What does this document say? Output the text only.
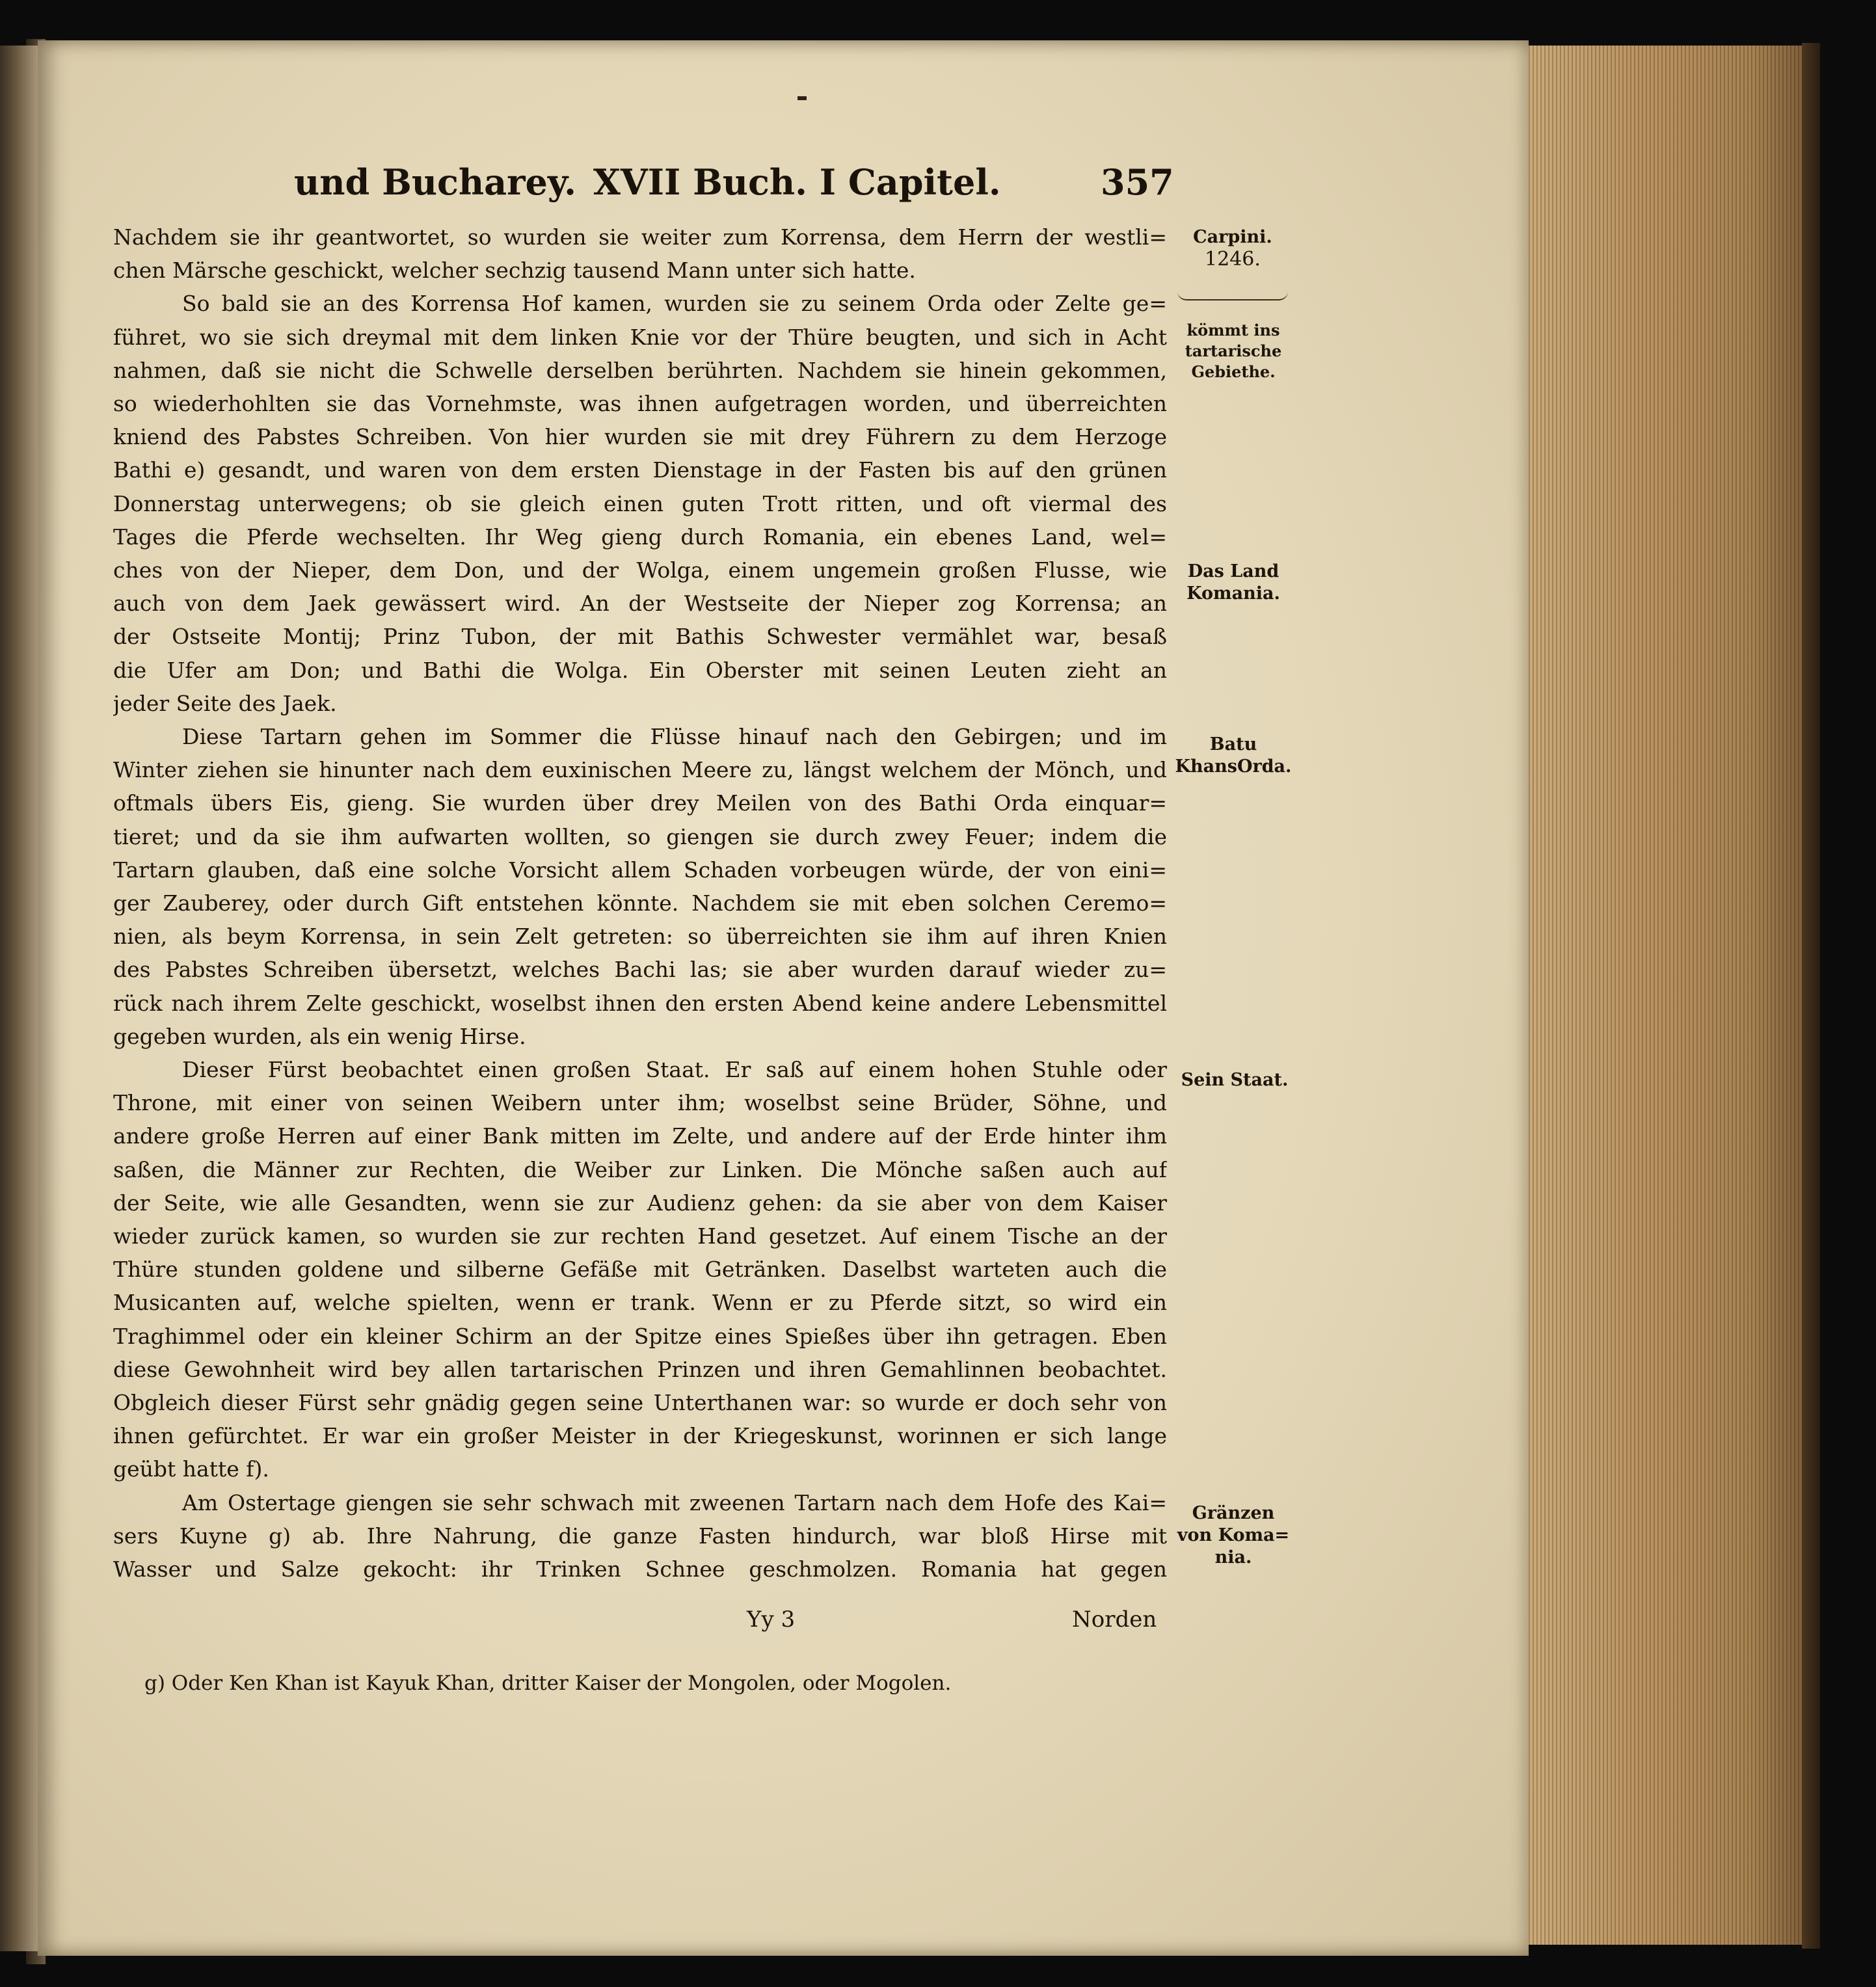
und Bucharey. XVII Buch. I Capitel.	357
Nachdem sie ihr geantwortet, so wurden sie weiter zum Korrensa, dem Herrn der westli=
chen Märsche geschickt, welcher sechzig tausend Mann unter sich hatte.
So bald sie an des Korrensa Hof kamen, wurden sie zu seinem Orda oder Zelte ge=
führet, wo sie sich dreymal mit dem linken Knie vor der Thüre beugten, und sich in Acht
nahmen, daß sie nicht die Schwelle derselben berührten. Nachdem sie hinein gekommen,
so wiederhohlten sie das Vornehmste, was ihnen aufgetragen worden, und überreichten
kniend des Pabstes Schreiben. Von hier wurden sie mit drey Führern zu dem Herzoge
Bathi e) gesandt, und waren von dem ersten Dienstage in der Fasten bis auf den grünen
Donnerstag unterwegens; ob sie gleich einen guten Trott ritten, und oft viermal des
Tages die Pferde wechselten. Ihr Weg gieng durch Romania, ein ebenes Land, wel=
ches von der Nieper, dem Don, und der Wolga, einem ungemein großen Flusse, wie
auch von dem Jaek gewässert wird. An der Westseite der Nieper zog Korrensa; an
der Ostseite Montij; Prinz Tubon, der mit Bathis Schwester vermählet war, besaß
die Ufer am Don; und Bathi die Wolga. Ein Oberster mit seinen Leuten zieht an
jeder Seite des Jaek.
Diese Tartarn gehen im Sommer die Flüsse hinauf nach den Gebirgen; und im
Winter ziehen sie hinunter nach dem euxinischen Meere zu, längst welchem der Mönch, und
oftmals übers Eis, gieng. Sie wurden über drey Meilen von des Bathi Orda einquar=
tieret; und da sie ihm aufwarten wollten, so giengen sie durch zwey Feuer; indem die
Tartarn glauben, daß eine solche Vorsicht allem Schaden vorbeugen würde, der von eini=
ger Zauberey, oder durch Gift entstehen könnte. Nachdem sie mit eben solchen Ceremo=
nien, als beym Korrensa, in sein Zelt getreten: so überreichten sie ihm auf ihren Knien
des Pabstes Schreiben übersetzt, welches Bachi las; sie aber wurden darauf wieder zu=
rück nach ihrem Zelte geschickt, woselbst ihnen den ersten Abend keine andere Lebensmittel
gegeben wurden, als ein wenig Hirse.
Dieser Fürst beobachtet einen großen Staat. Er saß auf einem hohen Stuhle oder
Throne, mit einer von seinen Weibern unter ihm; woselbst seine Brüder, Söhne, und
andere große Herren auf einer Bank mitten im Zelte, und andere auf der Erde hinter ihm
saßen, die Männer zur Rechten, die Weiber zur Linken. Die Mönche saßen auch auf
der Seite, wie alle Gesandten, wenn sie zur Audienz gehen: da sie aber von dem Kaiser
wieder zurück kamen, so wurden sie zur rechten Hand gesetzet. Auf einem Tische an der
Thüre stunden goldene und silberne Gefäße mit Getränken. Daselbst warteten auch die
Musicanten auf, welche spielten, wenn er trank. Wenn er zu Pferde sitzt, so wird ein
Traghimmel oder ein kleiner Schirm an der Spitze eines Spießes über ihn getragen. Eben
diese Gewohnheit wird bey allen tartarischen Prinzen und ihren Gemahlinnen beobachtet.
Obgleich dieser Fürst sehr gnädig gegen seine Unterthanen war: so wurde er doch sehr von
ihnen gefürchtet. Er war ein großer Meister in der Kriegeskunst, worinnen er sich lange
geübt hatte f).
Am Ostertage giengen sie sehr schwach mit zweenen Tartarn nach dem Hofe des Kai=
sers Kuyne g) ab. Ihre Nahrung, die ganze Fasten hindurch, war bloß Hirse mit
Wasser und Salze gekocht: ihr Trinken Schnee geschmolzen. Romania hat gegen
Carpini.
1246.
kömmt ins
tartarische
Gebiethe.
Das Land
Komania.
Batu
KhansOrda.
Sein Staat.
Gränzen
von Koma=
nia.
Yy 3	Norden
g) Oder Ken Khan ist Kayuk Khan, dritter Kaiser der Mongolen, oder Mogolen.
